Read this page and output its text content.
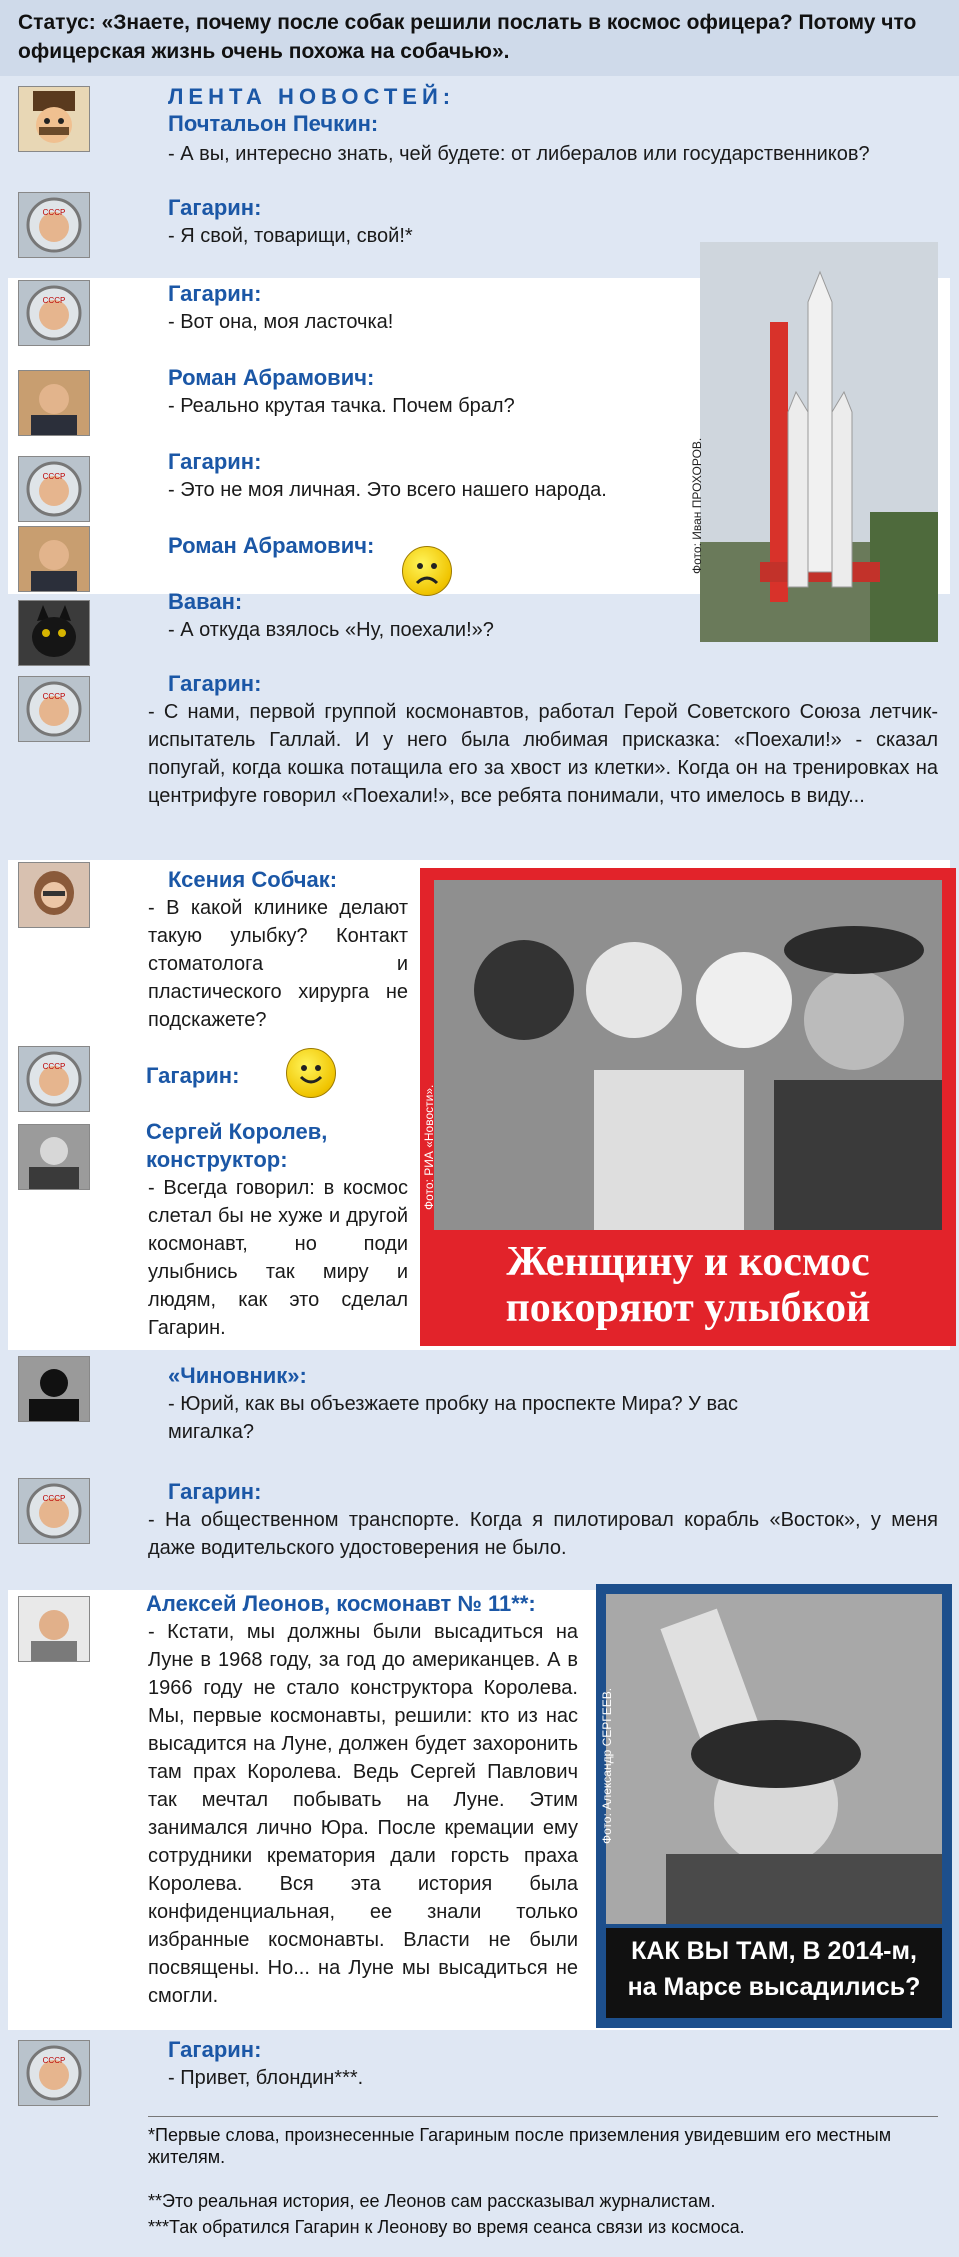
Статус: «Знаете, почему после собак решили послать в космос офицера? Потому что офицерская жизнь очень похожа на собачью».
ЛЕНТА НОВОСТЕЙ:
Почтальон Печкин:
- А вы, интересно знать, чей будете: от либералов или государственников?
СССР	Гагарин:
- Я свой, товарищи, свой!*
Фото: Иван ПРОХОРОВ.
СССР	Гагарин:
- Вот она, моя ласточка!
Роман Абрамович:
- Реально крутая тачка. Почем брал?
СССР
Гагарин:
- Это не моя личная. Это всего нашего народа.
Роман Абрамович:
Ваван:
- А откуда взялось «Ну, поехали!»?
СССР
Гагарин:
- С нами, первой группой космонавтов, работал Герой Советского Союза летчик-испытатель Галлай. И у него была любимая присказка: «Поехали!» - сказал попугай, когда кошка потащила его за хвост из клетки». Когда он на тренировках на центрифуге говорил «Поехали!», все ребята понимали, что имелось в виду...
Ксения Собчак:
- В какой клинике делают такую улыбку? Контакт стоматолога и пластического хирурга не подскажете?
СССР	Гагарин:
Сергей Королев, конструктор:
- Всегда говорил: в космос слетал бы не хуже и другой космонавт, но поди улыбнись так миру и людям, как это сделал Гагарин.
Женщину и космос
покоряют улыбкой
Фото: РИА «Новости».
«Чиновник»:
- Юрий, как вы объезжаете пробку на проспекте Мира? У вас мигалка?
СССР	Гагарин:
- На общественном транспорте. Когда я пилотировал корабль «Восток», у меня даже водительского удостоверения не было.
Алексей Леонов, космонавт № 11**:
- Кстати, мы должны были высадиться на Луне в 1968 году, за год до американцев. А в 1966 году не стало конструктора Королева. Мы, первые космонавты, решили: кто из нас высадится на Луне, должен будет захоронить там прах Королева. Ведь Сергей Павлович так мечтал побывать на Луне. Этим занимался лично Юра. После кремации ему сотрудники крематория дали горсть праха Королева. Вся эта история была конфиденциальная, ее знали только избранные космонавты. Власти не были посвящены. Но... на Луне мы высадиться не смогли.
КАК ВЫ ТАМ, В 2014-м,
на Марсе высадились?
Фото: Александр СЕРГЕЕВ.
СССР	Гагарин:
- Привет, блондин***.
*Первые слова, произнесенные Гагариным после приземления увидевшим его местным жителям.
**Это реальная история, ее Леонов сам рассказывал журналистам.
***Так обратился Гагарин к Леонову во время сеанса связи из космоса.
